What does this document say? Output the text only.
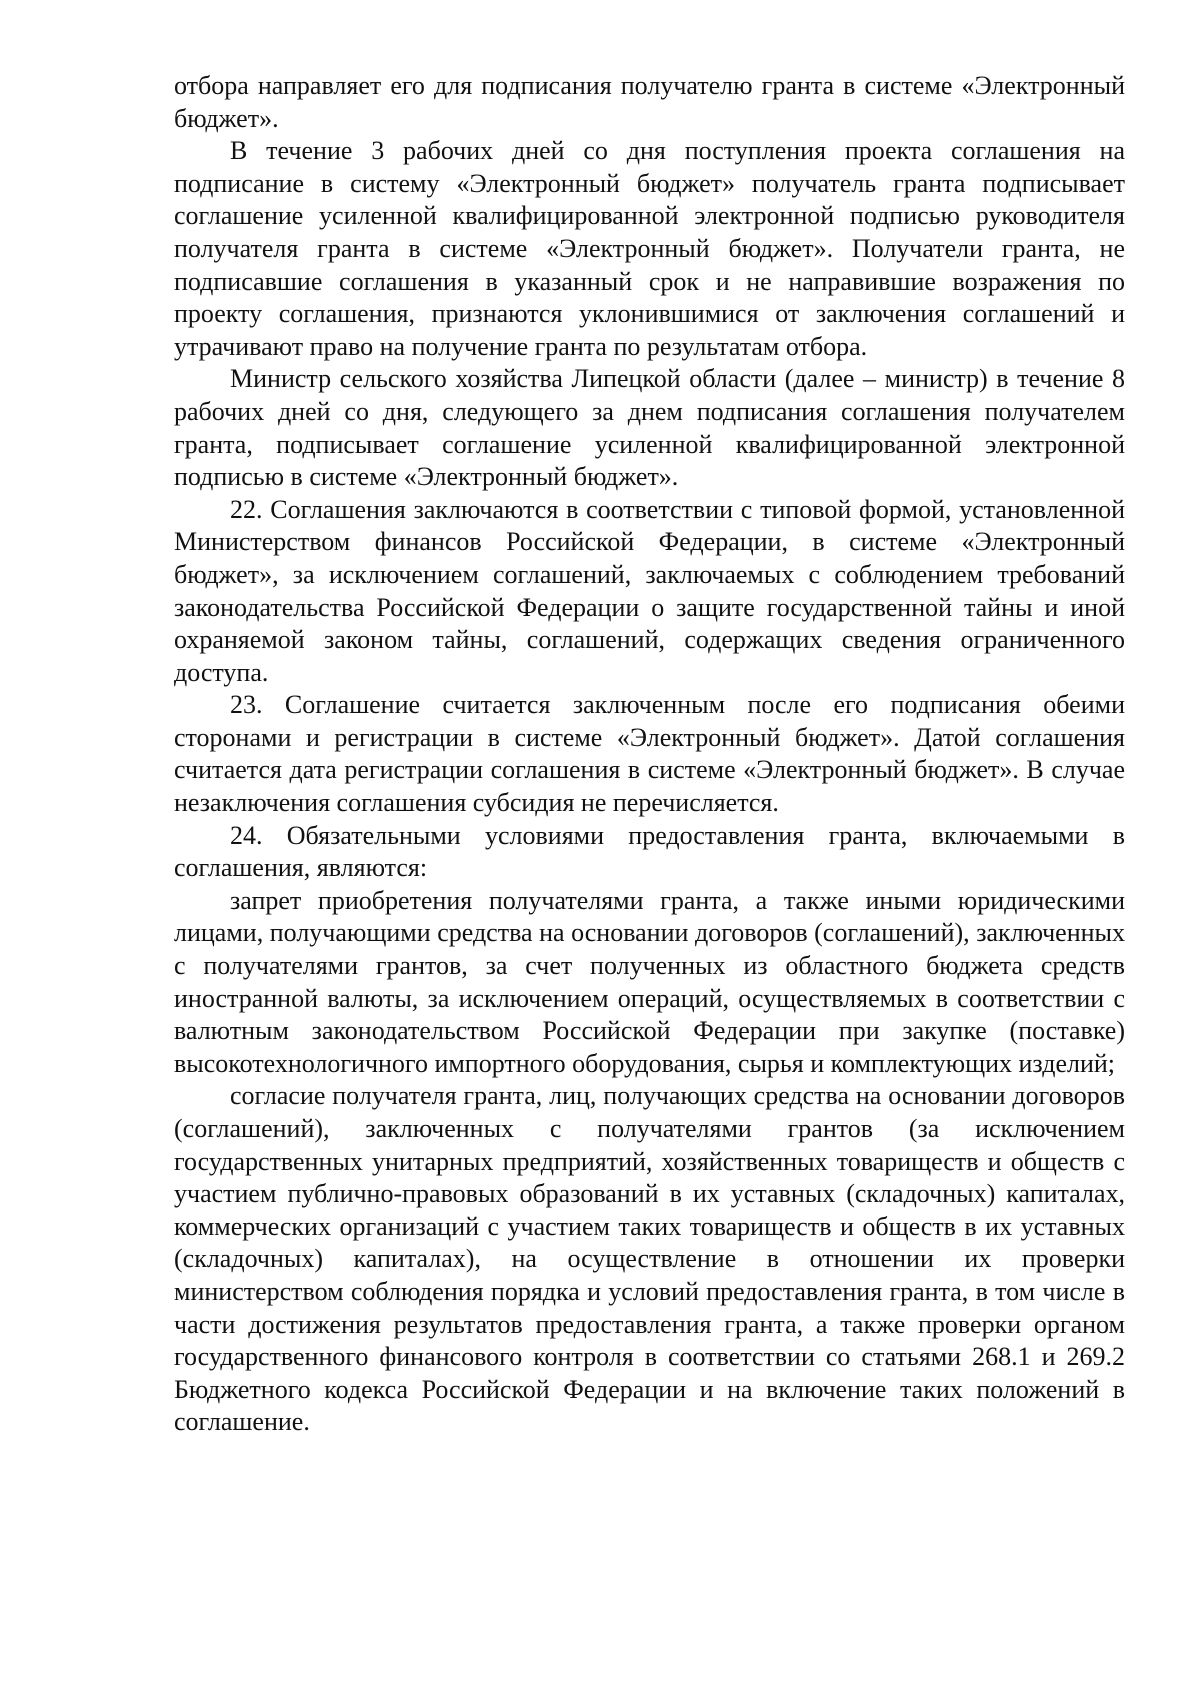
отбора направляет его для подписания получателю гранта в системе «Электронный бюджет».

В течение 3 рабочих дней со дня поступления проекта соглашения на подписание в систему «Электронный бюджет» получатель гранта подписывает соглашение усиленной квалифицированной электронной подписью руководителя получателя гранта в системе «Электронный бюджет». Получатели гранта, не подписавшие соглашения в указанный срок и не направившие возражения по проекту соглашения, признаются уклонившимися от заключения соглашений и утрачивают право на получение гранта по результатам отбора.

Министр сельского хозяйства Липецкой области (далее – министр) в течение 8 рабочих дней со дня, следующего за днем подписания соглашения получателем гранта, подписывает соглашение усиленной квалифицированной электронной подписью в системе «Электронный бюджет».

22. Соглашения заключаются в соответствии с типовой формой, установленной Министерством финансов Российской Федерации, в системе «Электронный бюджет», за исключением соглашений, заключаемых с соблюдением требований законодательства Российской Федерации о защите государственной тайны и иной охраняемой законом тайны, соглашений, содержащих сведения ограниченного доступа.

23. Соглашение считается заключенным после его подписания обеими сторонами и регистрации в системе «Электронный бюджет». Датой соглашения считается дата регистрации соглашения в системе «Электронный бюджет». В случае незаключения соглашения субсидия не перечисляется.

24. Обязательными условиями предоставления гранта, включаемыми в соглашения, являются:

запрет приобретения получателями гранта, а также иными юридическими лицами, получающими средства на основании договоров (соглашений), заключенных с получателями грантов, за счет полученных из областного бюджета средств иностранной валюты, за исключением операций, осуществляемых в соответствии с валютным законодательством Российской Федерации при закупке (поставке) высокотехнологичного импортного оборудования, сырья и комплектующих изделий;

согласие получателя гранта, лиц, получающих средства на основании договоров (соглашений), заключенных с получателями грантов (за исключением государственных унитарных предприятий, хозяйственных товариществ и обществ с участием публично-правовых образований в их уставных (складочных) капиталах, коммерческих организаций с участием таких товариществ и обществ в их уставных (складочных) капиталах), на осуществление в отношении их проверки министерством соблюдения порядка и условий предоставления гранта, в том числе в части достижения результатов предоставления гранта, а также проверки органом государственного финансового контроля в соответствии со статьями 268.1 и 269.2 Бюджетного кодекса Российской Федерации и на включение таких положений в соглашение.
